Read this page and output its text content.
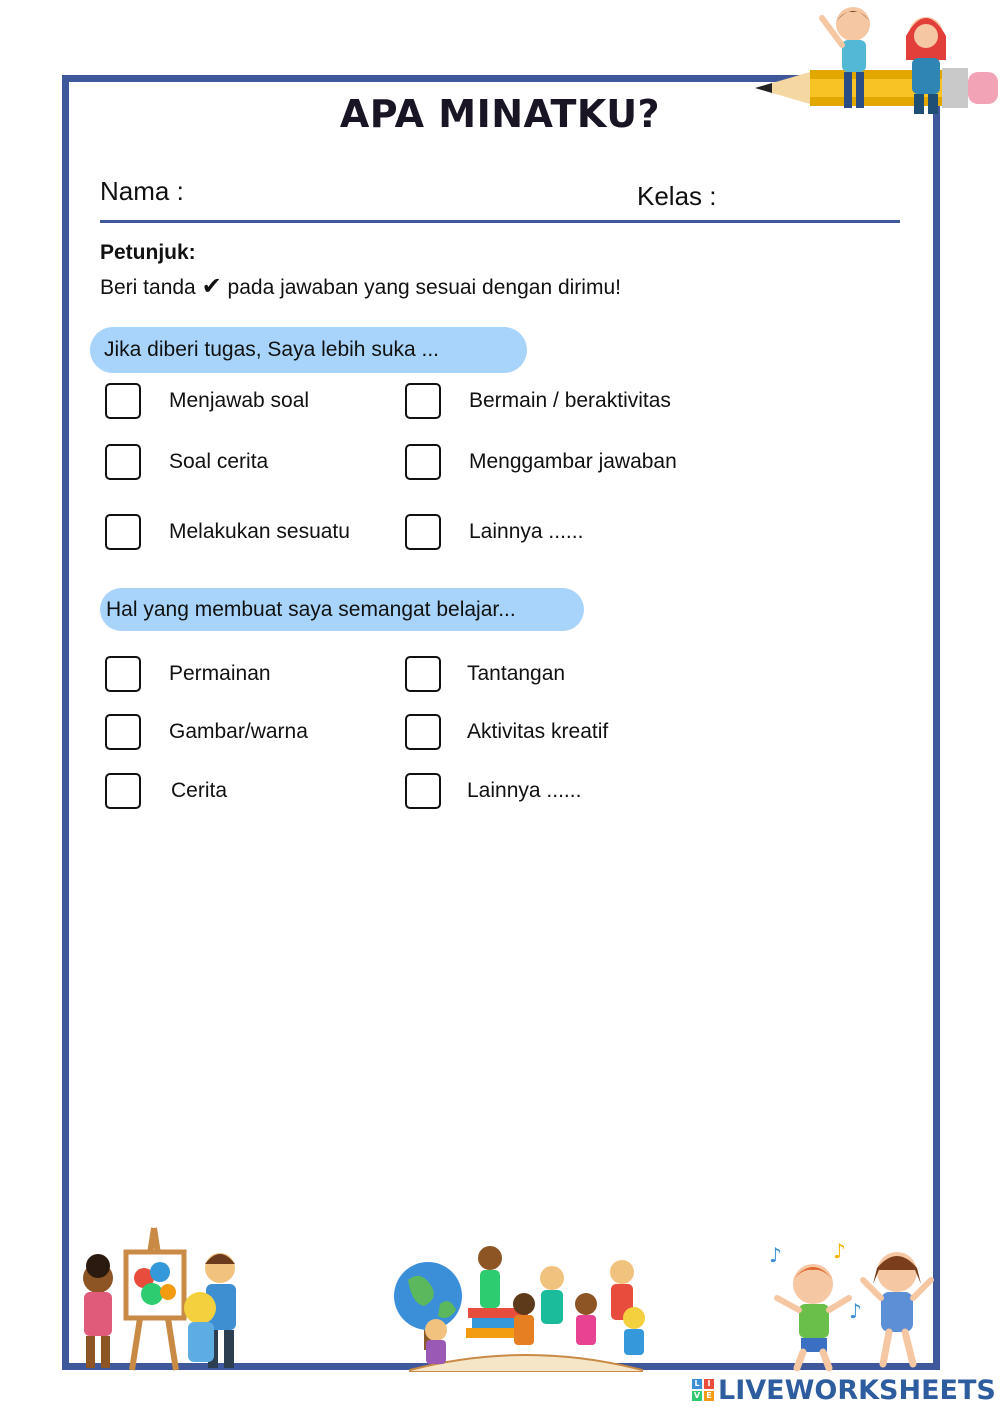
APA MINATKU?
Nama :	Kelas :
Petunjuk:
Beri tanda ✔ pada jawaban yang sesuai dengan dirimu!
Jika diberi tugas, Saya lebih suka ...
Menjawab soal	Bermain / beraktivitas
Soal cerita	Menggambar jawaban
Melakukan sesuatu	Lainnya ......
Hal yang membuat saya semangat belajar...
Permainan	Tantangan
Gambar/warna	Aktivitas kreatif
Cerita	Lainnya ......
♪	♪
♪
L I
V E LIVEWORKSHEETS
